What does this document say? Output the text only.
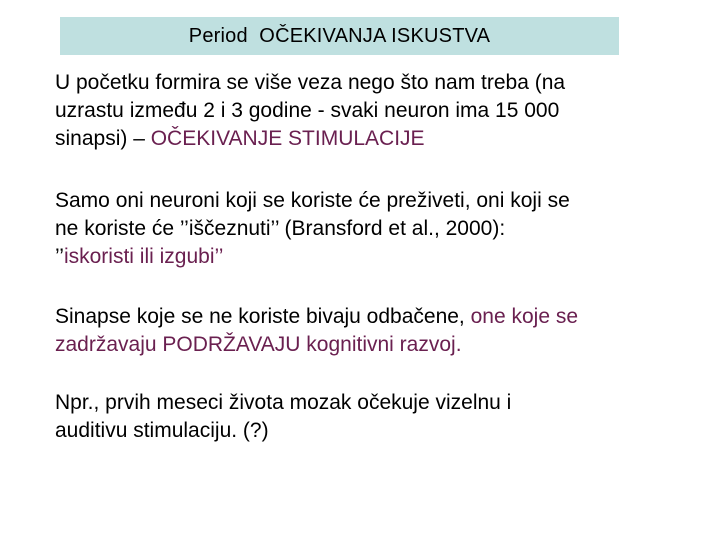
Period  OČEKIVANJA ISKUSTVA

U početku formira se više veza nego što nam treba (na
uzrastu između 2 i 3 godine - svaki neuron ima 15 000
sinapsi) – OČEKIVANJE STIMULACIJE

Samo oni neuroni koji se koriste će preživeti, oni koji se
ne koriste će ’’iščeznuti’’ (Bransford et al., 2000):
’’iskoristi ili izgubi’’

Sinapse koje se ne koriste bivaju odbačene, one koje se
zadržavaju PODRŽAVAJU kognitivni razvoj.

Npr., prvih meseci života mozak očekuje vizelnu i
auditivu stimulaciju. (?)
